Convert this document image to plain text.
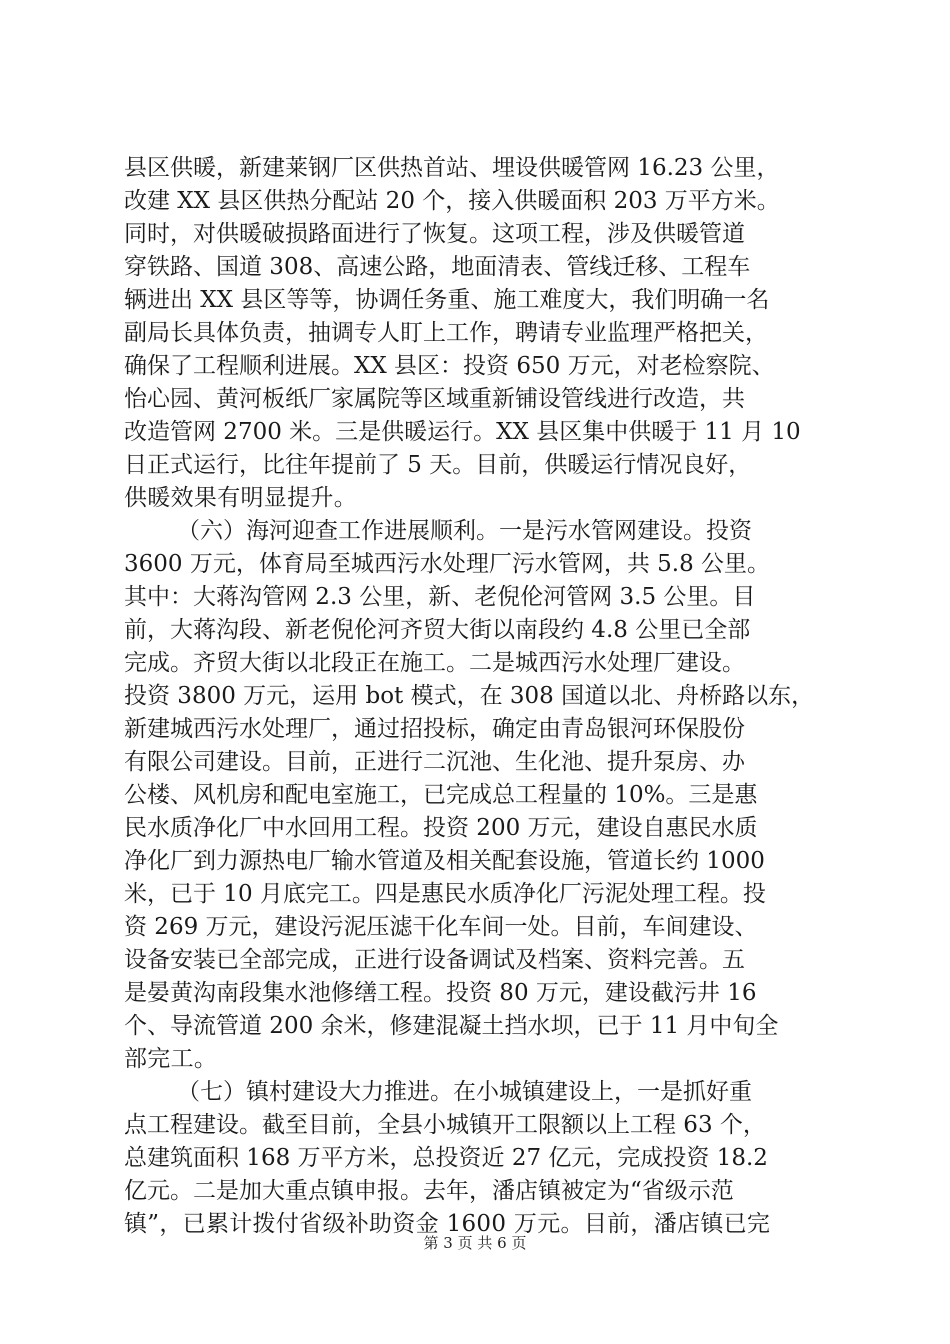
县区供暖，新建莱钢厂区供热首站、埋设供暖管网 16.23 公里，
改建 XX 县区供热分配站 20 个，接入供暖面积 203 万平方米。
同时，对供暖破损路面进行了恢复。这项工程，涉及供暖管道
穿铁路、国道 308、高速公路，地面清表、管线迁移、工程车
辆进出 XX 县区等等，协调任务重、施工难度大，我们明确一名
副局长具体负责，抽调专人盯上工作，聘请专业监理严格把关，
确保了工程顺利进展。XX 县区：投资 650 万元，对老检察院、
怡心园、黄河板纸厂家属院等区域重新铺设管线进行改造，共
改造管网 2700 米。三是供暖运行。XX 县区集中供暖于 11 月 10
日正式运行，比往年提前了 5 天。目前，供暖运行情况良好，
供暖效果有明显提升。
（六）海河迎查工作进展顺利。一是污水管网建设。投资
3600 万元，体育局至城西污水处理厂污水管网，共 5.8 公里。
其中：大蒋沟管网 2.3 公里，新、老倪伦河管网 3.5 公里。目
前，大蒋沟段、新老倪伦河齐贸大街以南段约 4.8 公里已全部
完成。齐贸大街以北段正在施工。二是城西污水处理厂建设。
投资 3800 万元，运用 bot 模式，在 308 国道以北、舟桥路以东，
新建城西污水处理厂，通过招投标，确定由青岛银河环保股份
有限公司建设。目前，正进行二沉池、生化池、提升泵房、办
公楼、风机房和配电室施工，已完成总工程量的 10%。三是惠
民水质净化厂中水回用工程。投资 200 万元，建设自惠民水质
净化厂到力源热电厂输水管道及相关配套设施，管道长约 1000
米，已于 10 月底完工。四是惠民水质净化厂污泥处理工程。投
资 269 万元，建设污泥压滤干化车间一处。目前，车间建设、
设备安装已全部完成，正进行设备调试及档案、资料完善。五
是晏黄沟南段集水池修缮工程。投资 80 万元，建设截污井 16
个、导流管道 200 余米，修建混凝土挡水坝，已于 11 月中旬全
部完工。
（七）镇村建设大力推进。在小城镇建设上，一是抓好重
点工程建设。截至目前，全县小城镇开工限额以上工程 63 个，
总建筑面积 168 万平方米，总投资近 27 亿元，完成投资 18.2
亿元。二是加大重点镇申报。去年，潘店镇被定为“省级示范
镇”，已累计拨付省级补助资金 1600 万元。目前，潘店镇已完
第 3 页 共 6 页
